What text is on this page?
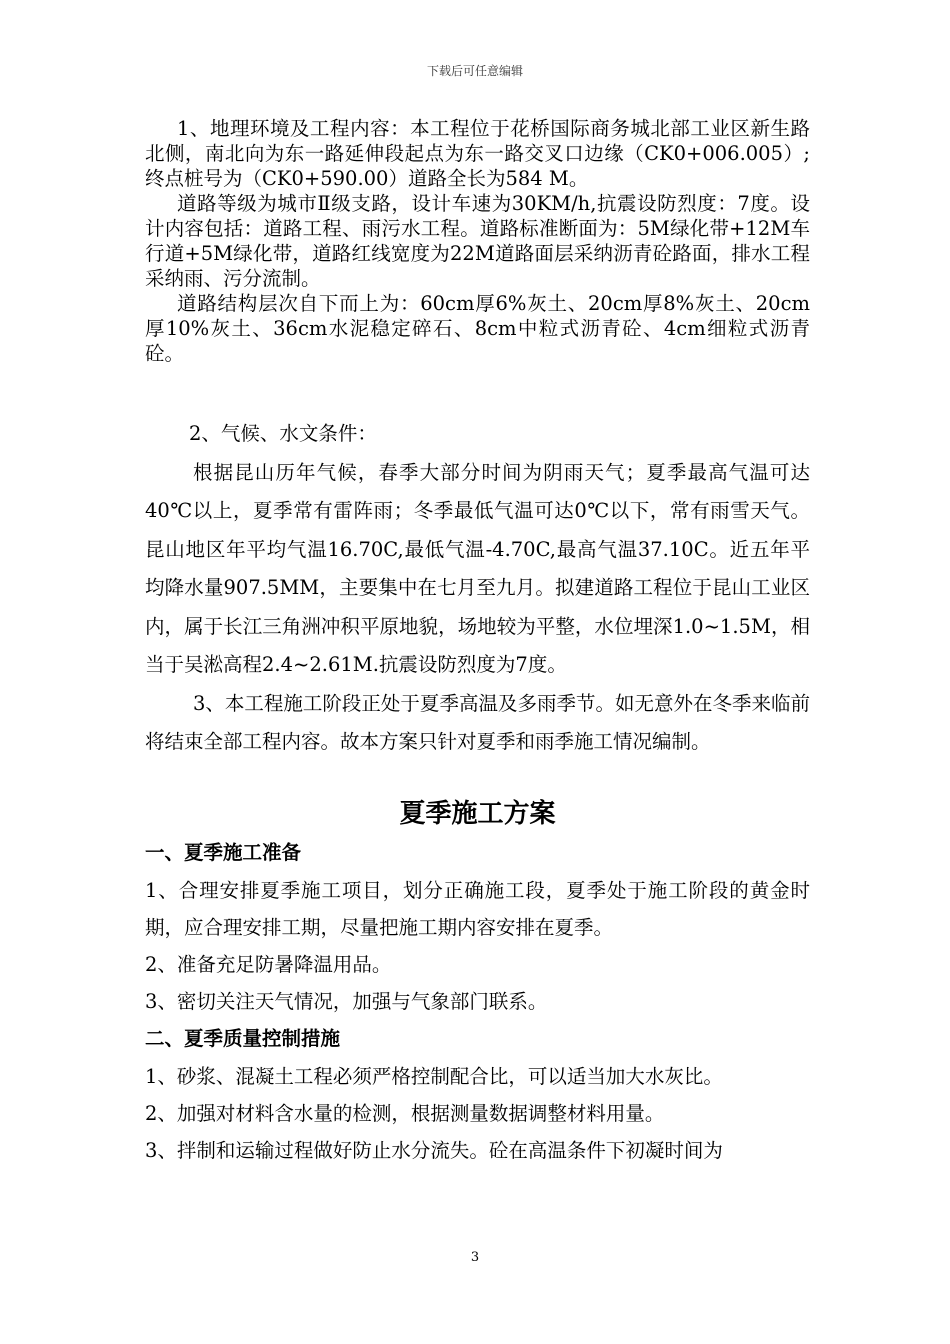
下载后可任意编辑

1、地理环境及工程内容：本工程位于花桥国际商务城北部工业区新生路北侧，南北向为东一路延伸段起点为东一路交叉口边缘（CK0+006.005）;终点桩号为（CK0+590.00）道路全长为584 M。

道路等级为城市Ⅱ级支路，设计车速为30KM/h,抗震设防烈度：7度。设计内容包括：道路工程、雨污水工程。道路标准断面为：5M绿化带+12M车行道+5M绿化带，道路红线宽度为22M道路面层采纳沥青砼路面，排水工程采纳雨、污分流制。

道路结构层次自下而上为：60cm厚6%灰土、20cm厚8%灰土、20cm厚10%灰土、36cm水泥稳定碎石、8cm中粒式沥青砼、4cm细粒式沥青砼。

2、气候、水文条件：

根据昆山历年气候，春季大部分时间为阴雨天气；夏季最高气温可达40℃以上，夏季常有雷阵雨；冬季最低气温可达0℃以下，常有雨雪天气。昆山地区年平均气温16.70C,最低气温-4.70C,最高气温37.10C。近五年平均降水量907.5MM，主要集中在七月至九月。拟建道路工程位于昆山工业区内，属于长江三角洲冲积平原地貌，场地较为平整，水位埋深1.0~1.5M，相当于吴淞高程2.4~2.61M.抗震设防烈度为7度。

3、本工程施工阶段正处于夏季高温及多雨季节。如无意外在冬季来临前将结束全部工程内容。故本方案只针对夏季和雨季施工情况编制。

夏季施工方案
一、夏季施工准备

1、合理安排夏季施工项目，划分正确施工段，夏季处于施工阶段的黄金时期，应合理安排工期，尽量把施工期内容安排在夏季。

2、准备充足防暑降温用品。

3、密切关注天气情况，加强与气象部门联系。

二、夏季质量控制措施

1、砂浆、混凝土工程必须严格控制配合比，可以适当加大水灰比。

2、加强对材料含水量的检测，根据测量数据调整材料用量。

3、拌制和运输过程做好防止水分流失。砼在高温条件下初凝时间为

3
